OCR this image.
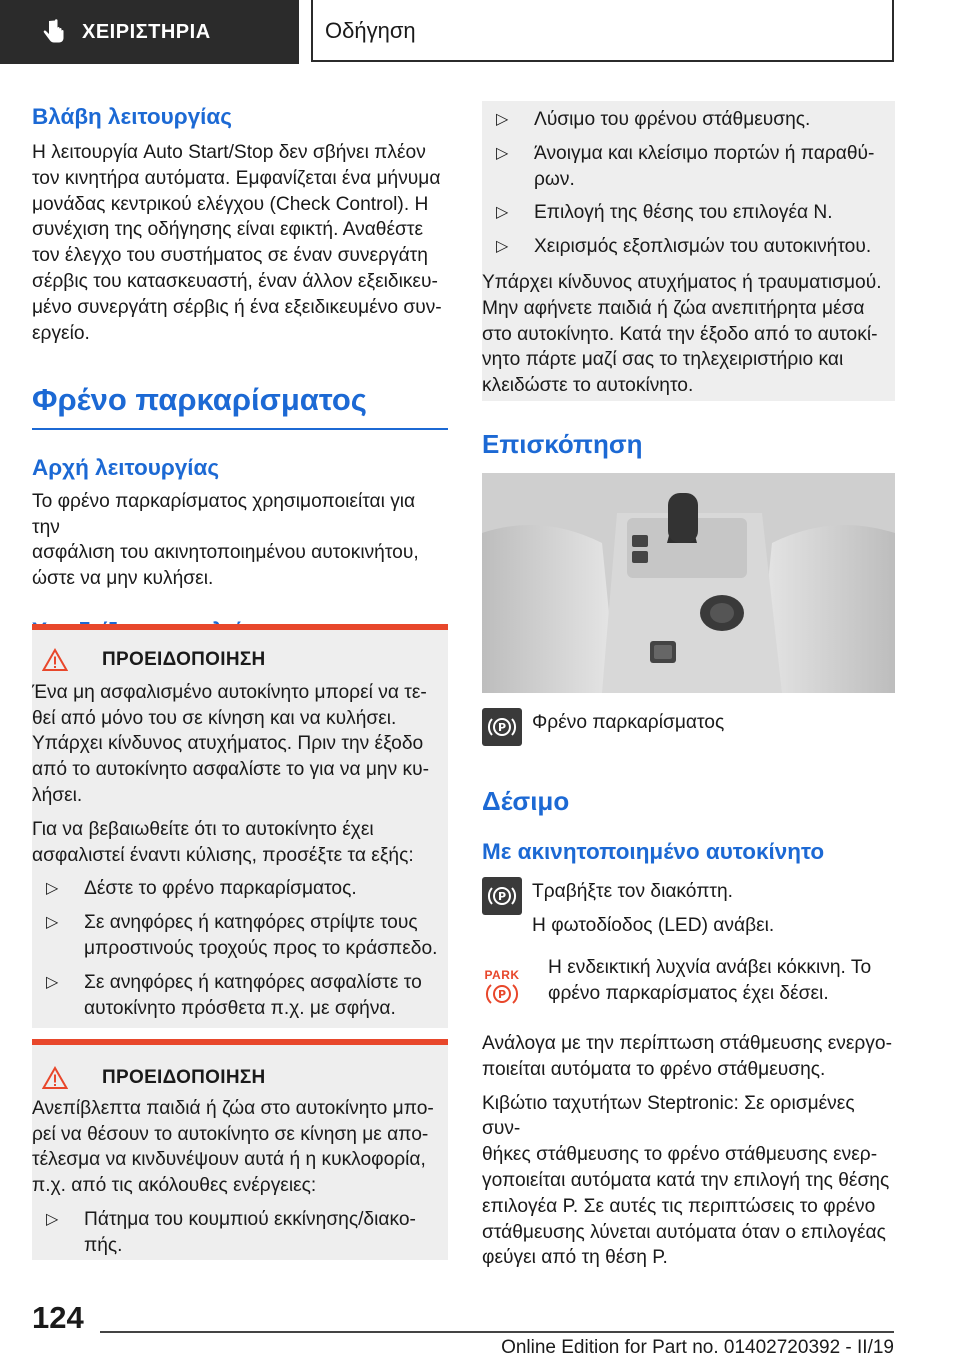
ΧΕΙΡΙΣΤΗΡΙΑ	Οδήγηση
Βλάβη λειτουργίας
Η λειτουργία Auto Start/Stop δεν σβήνει πλέον
τον κινητήρα αυτόματα. Εμφανίζεται ένα μήνυμα
μονάδας κεντρικού ελέγχου (Check Control). Η
συνέχιση της οδήγησης είναι εφικτή. Αναθέστε
τον έλεγχο του συστήματος σε έναν συνεργάτη
σέρβις του κατασκευαστή, έναν άλλον εξειδικευ-
μένο συνεργάτη σέρβις ή ένα εξειδικευμένο συν-
εργείο.
Φρένο παρκαρίσματος
Αρχή λειτουργίας
Το φρένο παρκαρίσματος χρησιμοποιείται για την
ασφάλιση του ακινητοποιημένου αυτοκινήτου,
ώστε να μην κυλήσει.
ΠΡΟΕΙΔΟΠΟΙΗΣΗ
Ένα μη ασφαλισμένο αυτοκίνητο μπορεί να τε-
θεί από μόνο του σε κίνηση και να κυλήσει.
Υπάρχει κίνδυνος ατυχήματος. Πριν την έξοδο
από το αυτοκίνητο ασφαλίστε το για να μην κυ-
λήσει.
Για να βεβαιωθείτε ότι το αυτοκίνητο έχει
ασφαλιστεί έναντι κύλισης, προσέξτε τα εξής:
▷	Δέστε το φρένο παρκαρίσματος.
▷	Σε ανηφόρες ή κατηφόρες στρίψτε τους
μπροστινούς τροχούς προς το κράσπεδο.
▷	Σε ανηφόρες ή κατηφόρες ασφαλίστε το
αυτοκίνητο πρόσθετα π.χ. με σφήνα.
ΠΡΟΕΙΔΟΠΟΙΗΣΗ
Ανεπίβλεπτα παιδιά ή ζώα στο αυτοκίνητο μπο-
ρεί να θέσουν το αυτοκίνητο σε κίνηση με απο-
τέλεσμα να κινδυνέψουν αυτά ή η κυκλοφορία,
π.χ. από τις ακόλουθες ενέργειες:
▷	Πάτημα του κουμπιού εκκίνησης/διακο-
πής.
▷	Λύσιμο του φρένου στάθμευσης.
▷	Άνοιγμα και κλείσιμο πορτών ή παραθύ-
ρων.
▷	Επιλογή της θέσης του επιλογέα N.
▷	Χειρισμός εξοπλισμών του αυτοκινήτου.
Υπάρχει κίνδυνος ατυχήματος ή τραυματισμού.
Μην αφήνετε παιδιά ή ζώα ανεπιτήρητα μέσα
στο αυτοκίνητο. Κατά την έξοδο από το αυτοκί-
νητο πάρτε μαζί σας το τηλεχειριστήριο και
κλειδώστε το αυτοκίνητο.
Επισκόπηση
P Φρένο παρκαρίσματος
Δέσιμο
Με ακινητοποιημένο αυτοκίνητο
P Τραβήξτε τον διακόπτη.
Η φωτοδίοδος (LED) ανάβει.
PARK
P
Η ενδεικτική λυχνία ανάβει κόκκινη. Το
φρένο παρκαρίσματος έχει δέσει.
Ανάλογα με την περίπτωση στάθμευσης ενεργο-
ποιείται αυτόματα το φρένο στάθμευσης.
Κιβώτιο ταχυτήτων Steptronic: Σε ορισμένες συν-
θήκες στάθμευσης το φρένο στάθμευσης ενερ-
γοποιείται αυτόματα κατά την επιλογή της θέσης
επιλογέα P. Σε αυτές τις περιπτώσεις το φρένο
στάθμευσης λύνεται αυτόματα όταν ο επιλογέας
φεύγει από τη θέση P.
124
Online Edition for Part no. 01402720392 - II/19
